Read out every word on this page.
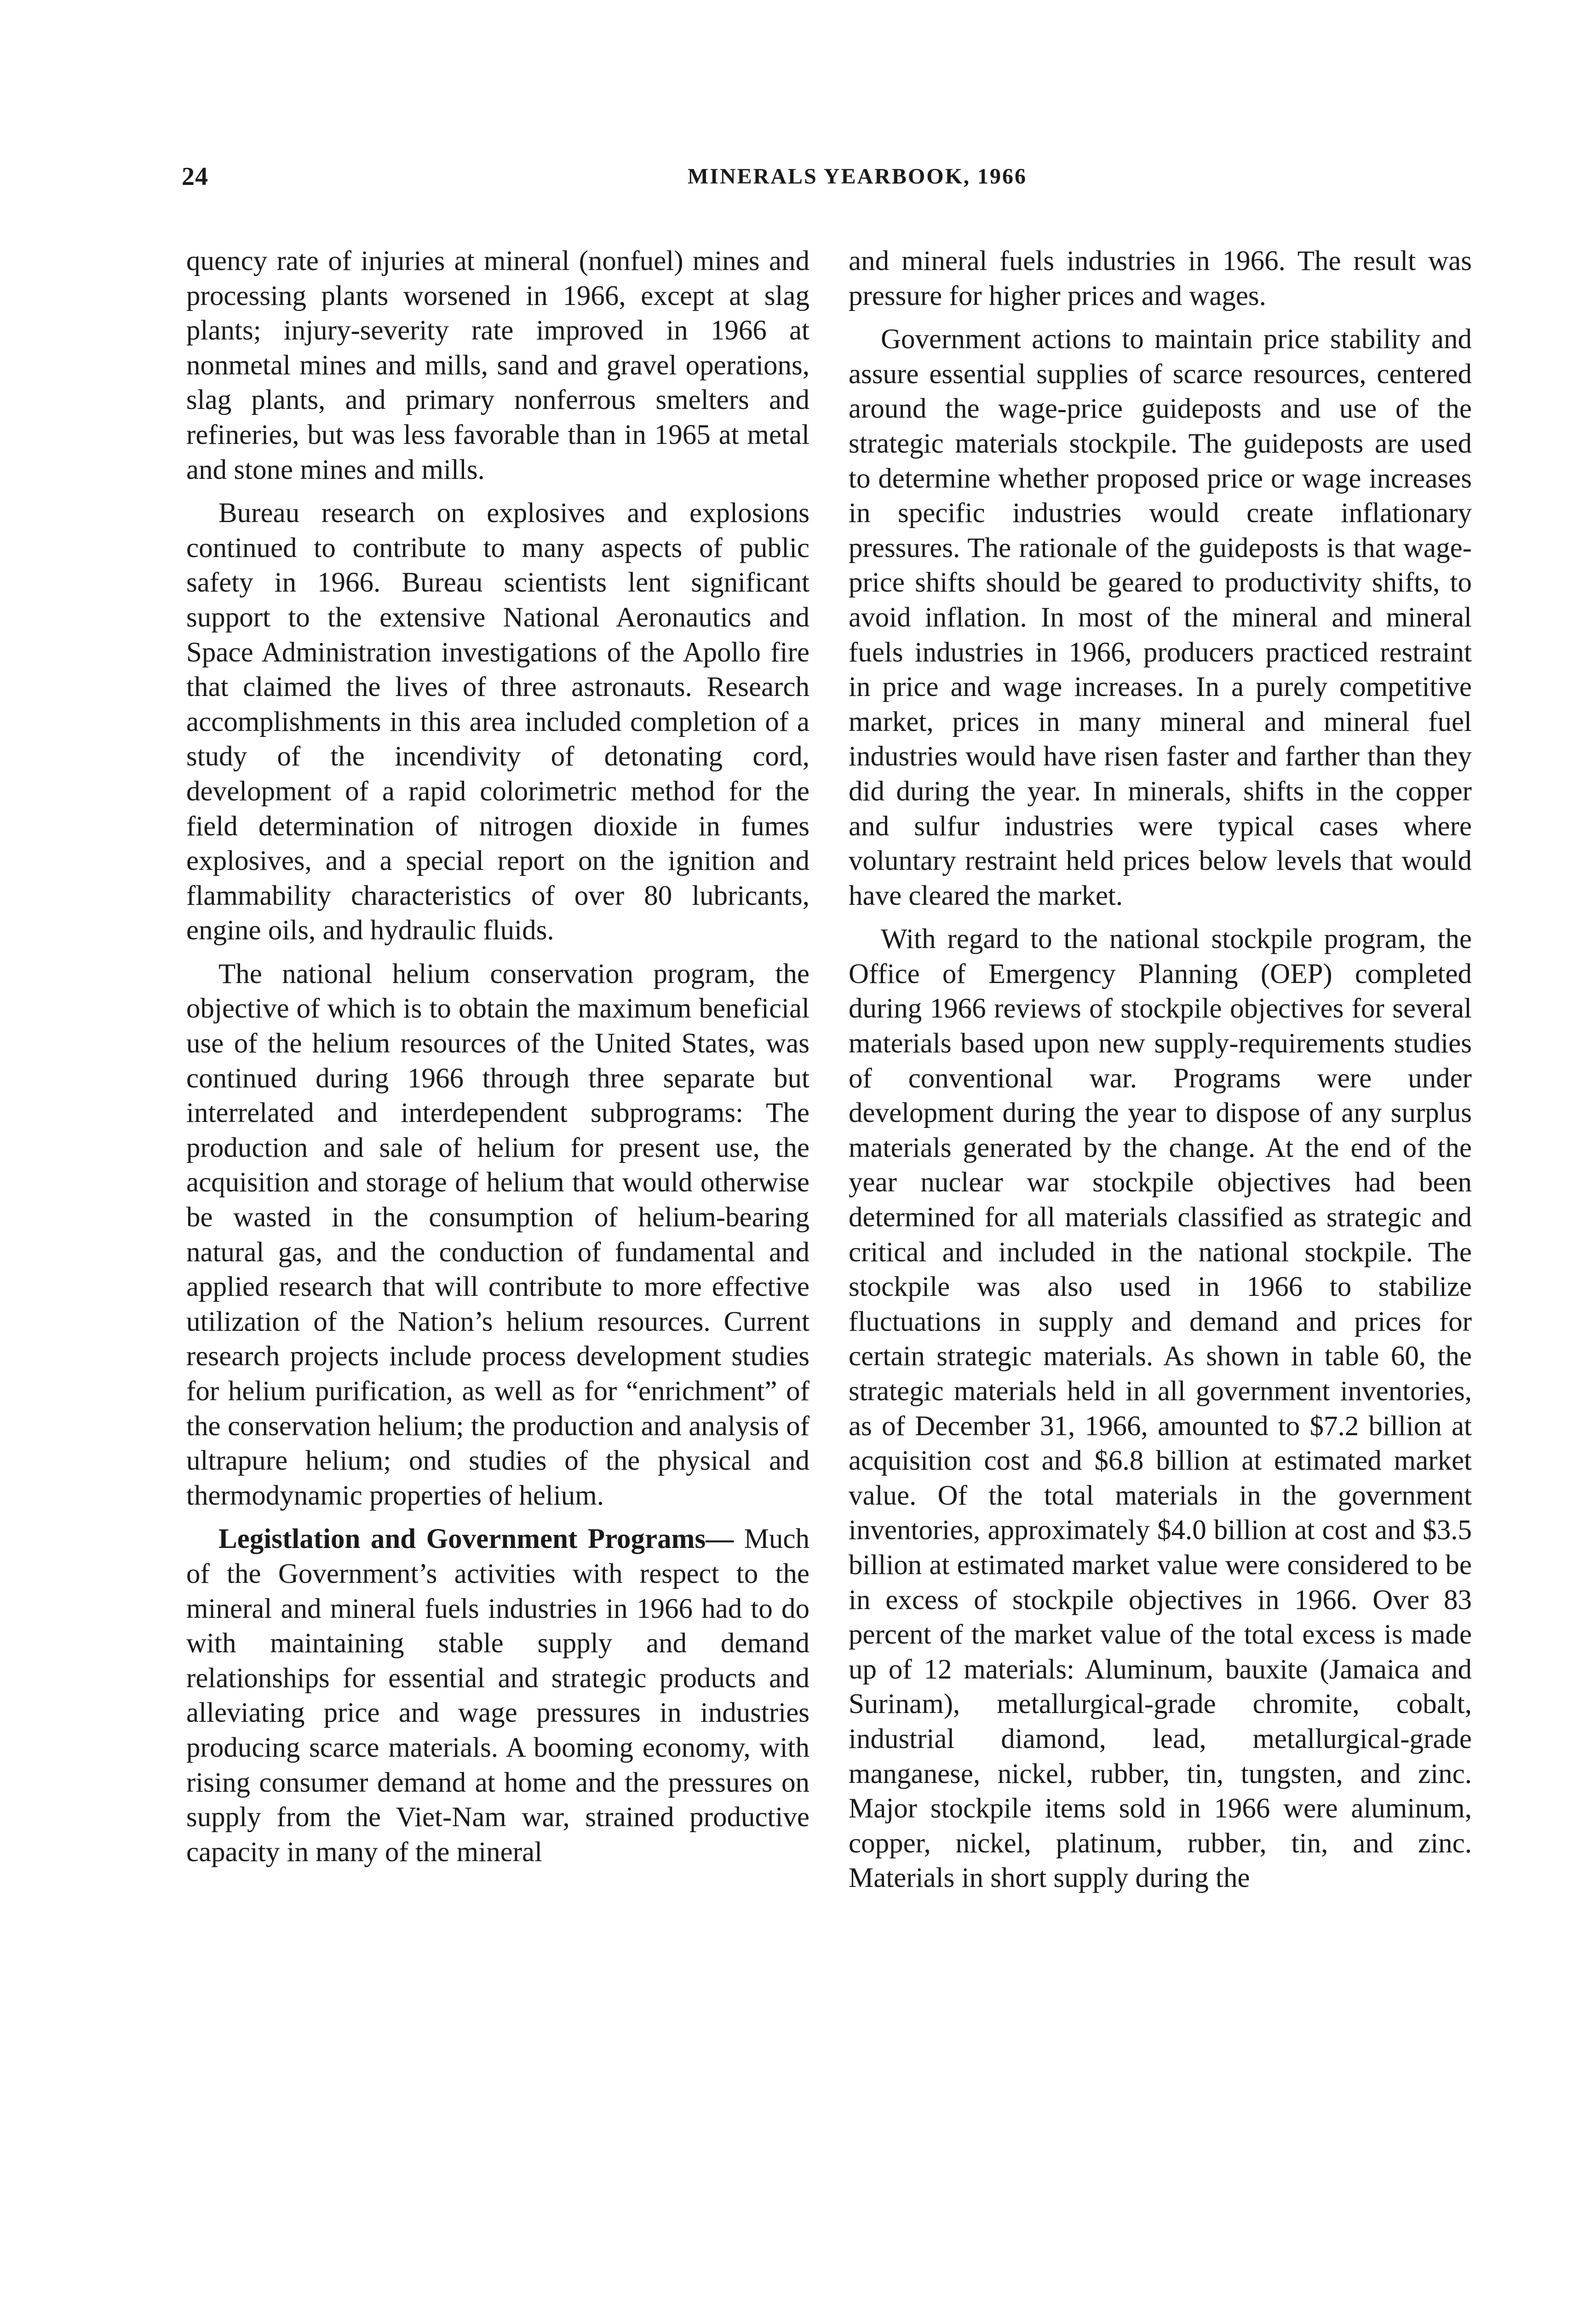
24	MINERALS YEARBOOK, 1966

quency rate of injuries at mineral (nonfuel) mines and processing plants worsened in 1966, except at slag plants; injury-severity rate improved in 1966 at nonmetal mines and mills, sand and gravel operations, slag plants, and primary nonferrous smelters and refineries, but was less favorable than in 1965 at metal and stone mines and mills.

Bureau research on explosives and explosions continued to contribute to many aspects of public safety in 1966. Bureau scientists lent significant support to the extensive National Aeronautics and Space Administration investigations of the Apollo fire that claimed the lives of three astronauts. Research accomplishments in this area included completion of a study of the incendivity of detonating cord, development of a rapid colorimetric method for the field determination of nitrogen dioxide in fumes explosives, and a special report on the ignition and flammability characteristics of over 80 lubricants, engine oils, and hydraulic fluids.

The national helium conservation program, the objective of which is to obtain the maximum beneficial use of the helium resources of the United States, was continued during 1966 through three separate but interrelated and interdependent subprograms: The production and sale of helium for present use, the acquisition and storage of helium that would otherwise be wasted in the consumption of helium-bearing natural gas, and the conduction of fundamental and applied research that will contribute to more effective utilization of the Nation’s helium resources. Current research projects include process development studies for helium purification, as well as for “enrichment” of the conservation helium; the production and analysis of ultrapure helium; ond studies of the physical and thermodynamic properties of helium.

Legistlation and Government Programs— Much of the Government’s activities with respect to the mineral and mineral fuels industries in 1966 had to do with maintaining stable supply and demand relationships for essential and strategic products and alleviating price and wage pressures in industries producing scarce materials. A booming economy, with rising consumer demand at home and the pressures on supply from the Viet-Nam war, strained productive capacity in many of the mineral

and mineral fuels industries in 1966. The result was pressure for higher prices and wages.

Government actions to maintain price stability and assure essential supplies of scarce resources, centered around the wage-price guideposts and use of the strategic materials stockpile. The guideposts are used to determine whether proposed price or wage increases in specific industries would create inflationary pressures. The rationale of the guideposts is that wage-price shifts should be geared to productivity shifts, to avoid inflation. In most of the mineral and mineral fuels industries in 1966, producers practiced restraint in price and wage increases. In a purely competitive market, prices in many mineral and mineral fuel industries would have risen faster and farther than they did during the year. In minerals, shifts in the copper and sulfur industries were typical cases where voluntary restraint held prices below levels that would have cleared the market.

With regard to the national stockpile program, the Office of Emergency Planning (OEP) completed during 1966 reviews of stockpile objectives for several materials based upon new supply-requirements studies of conventional war. Programs were under development during the year to dispose of any surplus materials generated by the change. At the end of the year nuclear war stockpile objectives had been determined for all materials classified as strategic and critical and included in the national stockpile. The stockpile was also used in 1966 to stabilize fluctuations in supply and demand and prices for certain strategic materials. As shown in table 60, the strategic materials held in all government inventories, as of December 31, 1966, amounted to $7.2 billion at acquisition cost and $6.8 billion at estimated market value. Of the total materials in the government inventories, approximately $4.0 billion at cost and $3.5 billion at estimated market value were considered to be in excess of stockpile objectives in 1966. Over 83 percent of the market value of the total excess is made up of 12 materials: Aluminum, bauxite (Jamaica and Surinam), metallurgical-grade chromite, cobalt, industrial diamond, lead, metallurgical-grade manganese, nickel, rubber, tin, tungsten, and zinc. Major stockpile items sold in 1966 were aluminum, copper, nickel, platinum, rubber, tin, and zinc. Materials in short supply during the
